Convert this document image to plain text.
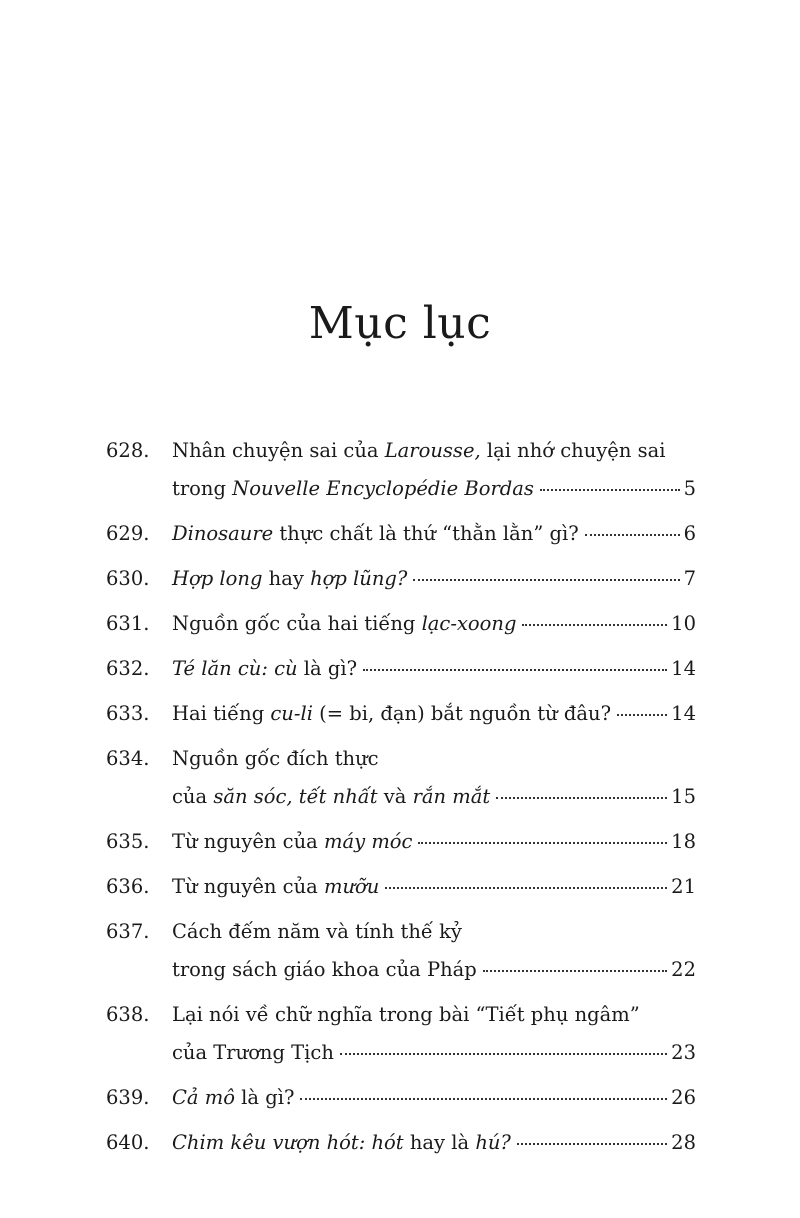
Mục lục
628.	Nhân chuyện sai của Larousse, lại nhớ chuyện sai
trong Nouvelle Encyclopédie Bordas	5
629.	Dinosaure thực chất là thứ “thằn lằn” gì?	6
630.	Hợp long hay hợp lũng?	7
631.	Nguồn gốc của hai tiếng lạc-xoong	10
632.	Té lăn cù: cù là gì?	14
633.	Hai tiếng cu-li (= bi, đạn) bắt nguồn từ đâu?	14
634.	Nguồn gốc đích thực
của săn sóc, tết nhất và rắn mắt	15
635.	Từ nguyên của máy móc	18
636.	Từ nguyên của mưỡu	21
637.	Cách đếm năm và tính thế kỷ
trong sách giáo khoa của Pháp	22
638.	Lại nói về chữ nghĩa trong bài “Tiết phụ ngâm”
của Trương Tịch	23
639.	Cả mô là gì?	26
640.	Chim kêu vượn hót: hót hay là hú?	28
